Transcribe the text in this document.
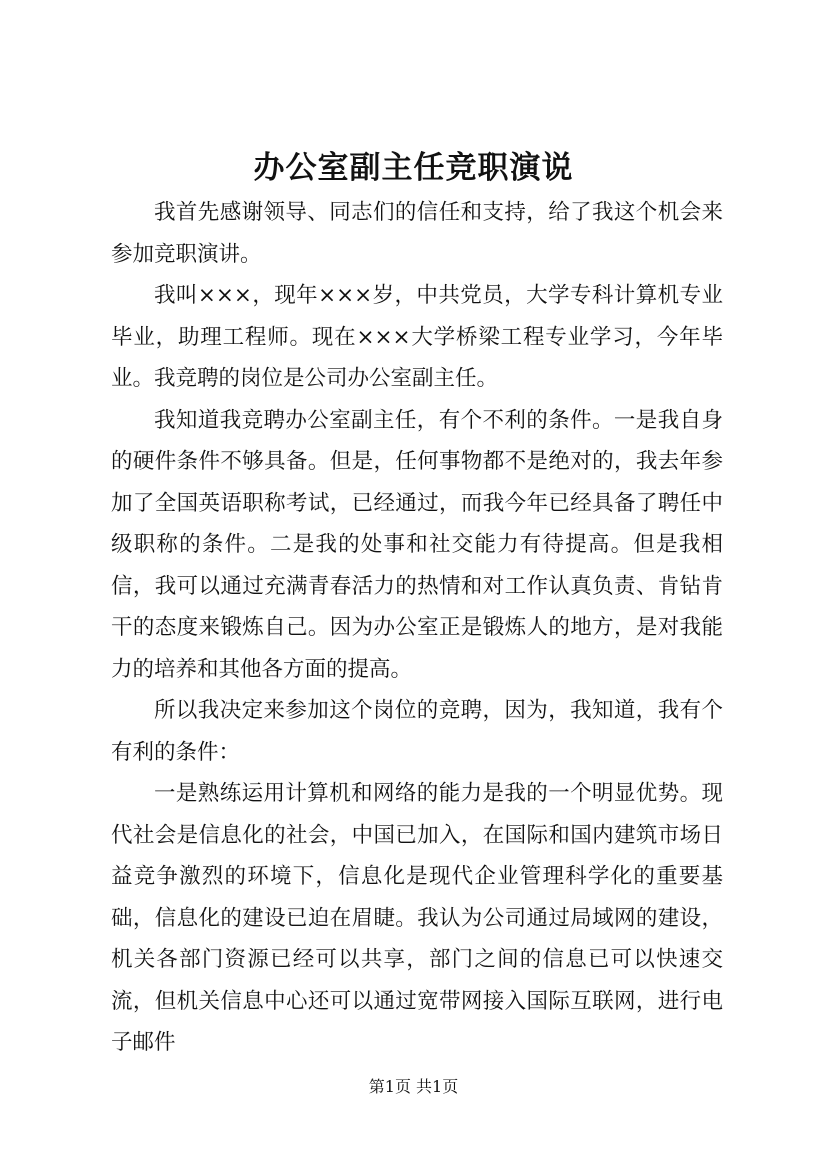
办公室副主任竞职演说

我首先感谢领导、同志们的信任和支持，给了我这个机会来参加竞职演讲。

我叫×××，现年×××岁，中共党员，大学专科计算机专业毕业，助理工程师。现在×××大学桥梁工程专业学习，今年毕业。我竞聘的岗位是公司办公室副主任。

我知道我竞聘办公室副主任，有个不利的条件。一是我自身的硬件条件不够具备。但是，任何事物都不是绝对的，我去年参加了全国英语职称考试，已经通过，而我今年已经具备了聘任中级职称的条件。二是我的处事和社交能力有待提高。但是我相信，我可以通过充满青春活力的热情和对工作认真负责、肯钻肯干的态度来锻炼自己。因为办公室正是锻炼人的地方，是对我能力的培养和其他各方面的提高。

所以我决定来参加这个岗位的竞聘，因为，我知道，我有个有利的条件：

一是熟练运用计算机和网络的能力是我的一个明显优势。现代社会是信息化的社会，中国已加入，在国际和国内建筑市场日益竞争激烈的环境下，信息化是现代企业管理科学化的重要基础，信息化的建设已迫在眉睫。我认为公司通过局域网的建设，机关各部门资源已经可以共享，部门之间的信息已可以快速交流，但机关信息中心还可以通过宽带网接入国际互联网，进行电子邮件

第1页 共1页
